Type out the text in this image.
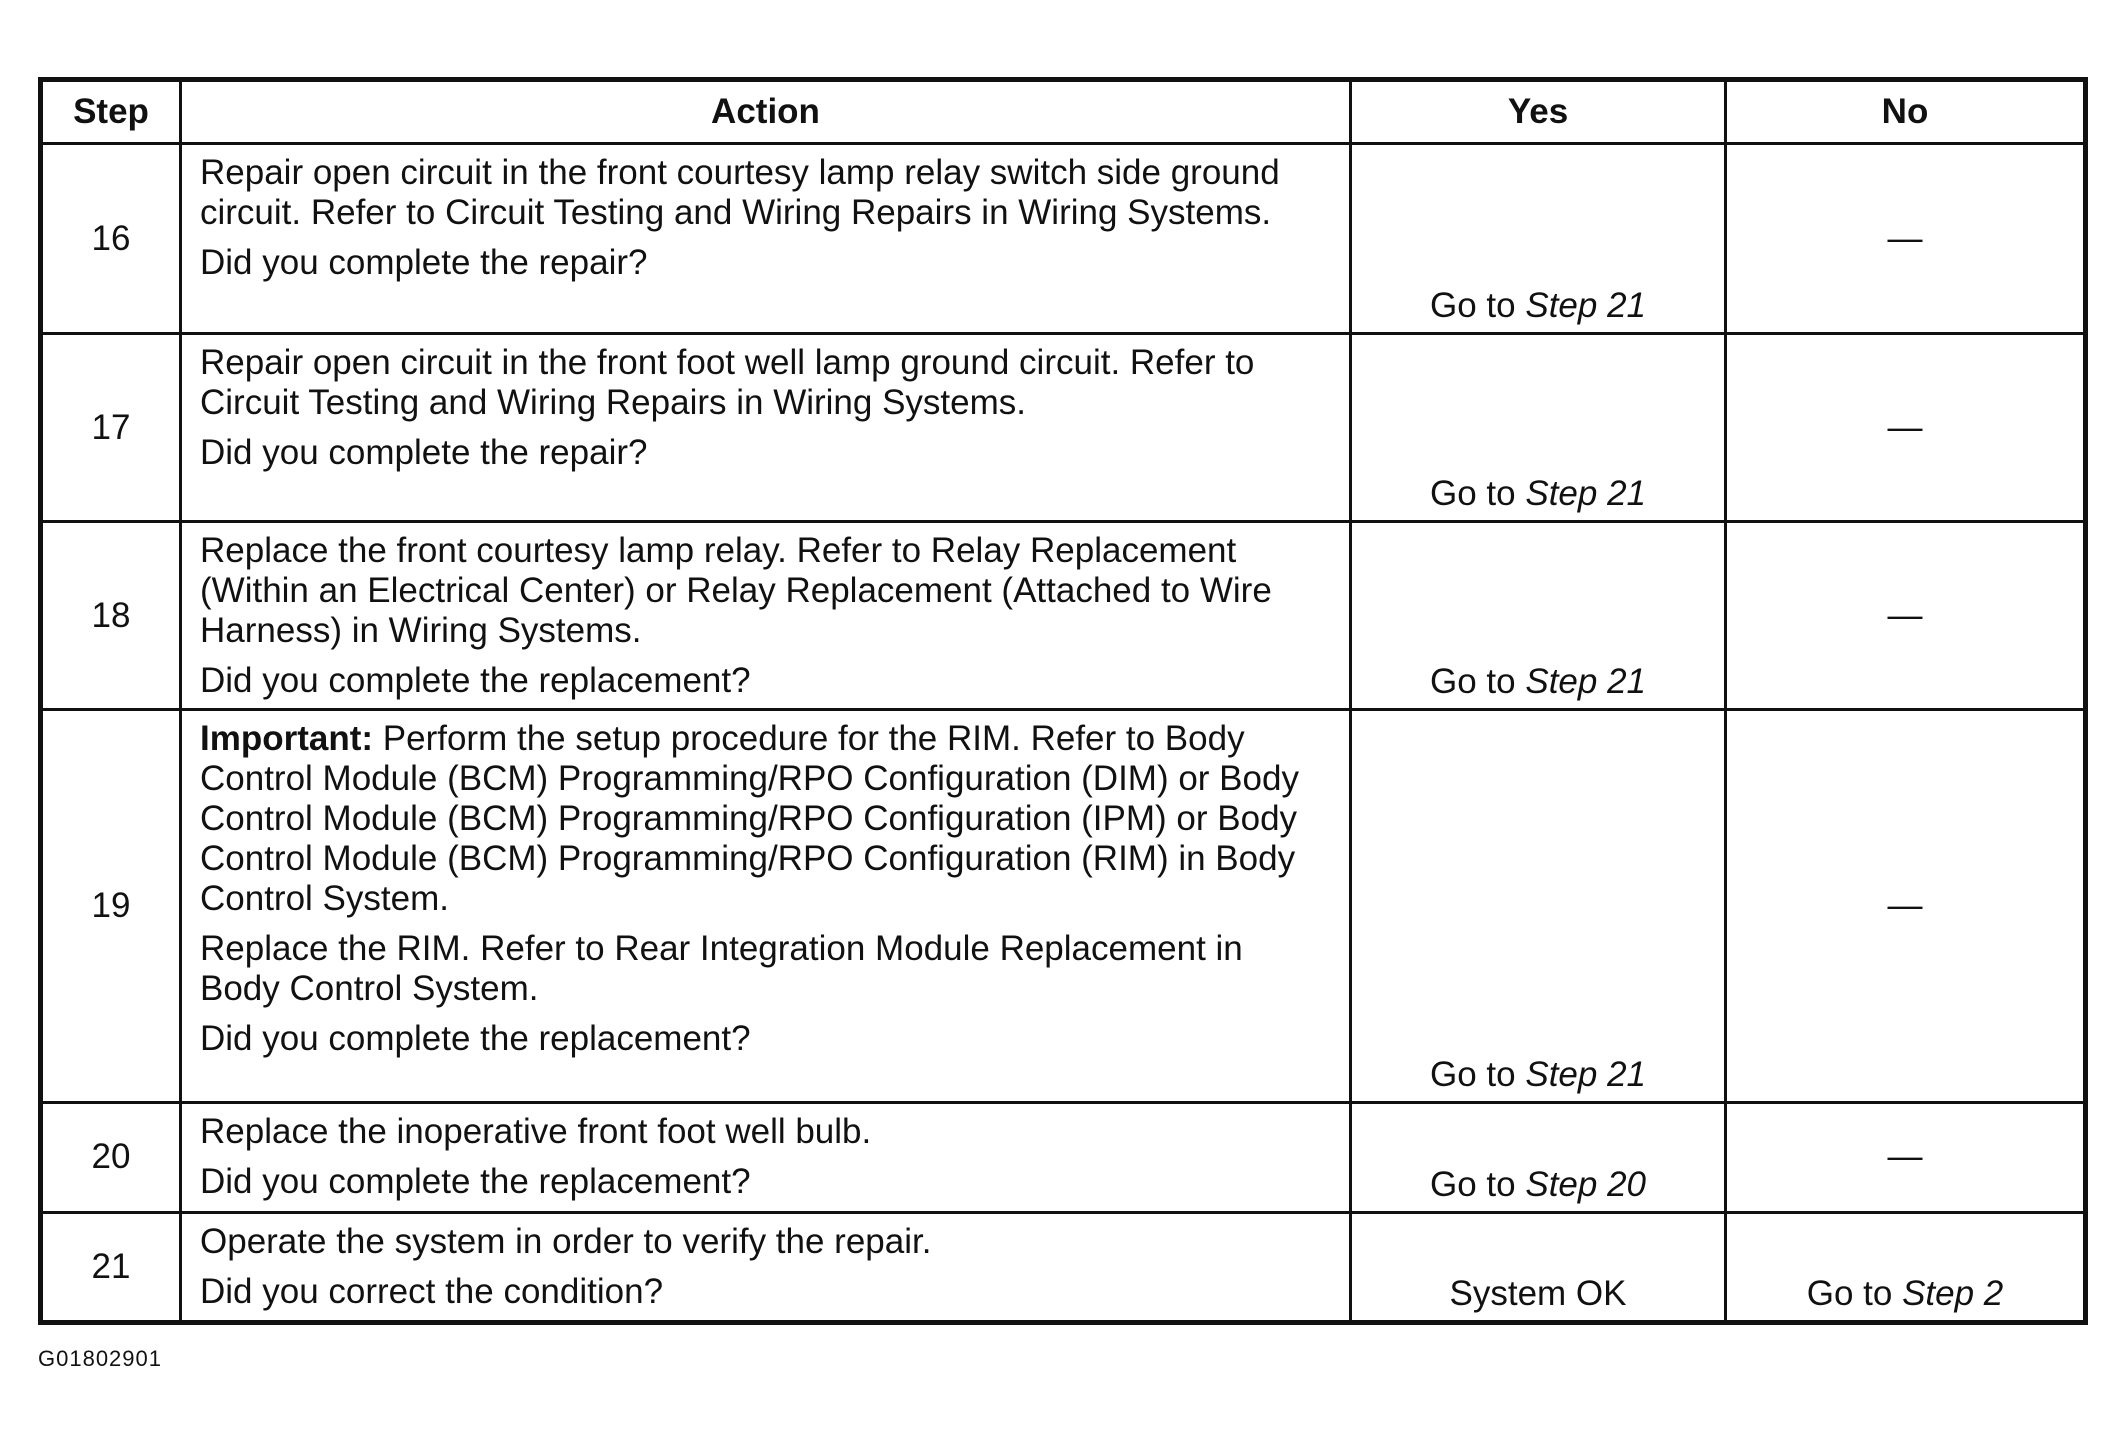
Step	Action	Yes	No
16	Repair open circuit in the front courtesy lamp relay switch side ground circuit. Refer to Circuit Testing and Wiring Repairs in Wiring Systems.

Did you complete the repair?	Go to Step 21	—
17	Repair open circuit in the front foot well lamp ground circuit. Refer to Circuit Testing and Wiring Repairs in Wiring Systems.

Did you complete the repair?	Go to Step 21	—
18	Replace the front courtesy lamp relay. Refer to Relay Replacement (Within an Electrical Center) or Relay Replacement (Attached to Wire Harness) in Wiring Systems.

Did you complete the replacement?	Go to Step 21	—
19	Important: Perform the setup procedure for the RIM. Refer to Body Control Module (BCM) Programming/RPO Configuration (DIM) or Body Control Module (BCM) Programming/RPO Configuration (IPM) or Body Control Module (BCM) Programming/RPO Configuration (RIM) in Body Control System.

Replace the RIM. Refer to Rear Integration Module Replacement in Body Control System.

Did you complete the replacement?	Go to Step 21	—
20	Replace the inoperative front foot well bulb.

Did you complete the replacement?	Go to Step 20	—
21	Operate the system in order to verify the repair.

Did you correct the condition?	System OK	Go to Step 2
G01802901
